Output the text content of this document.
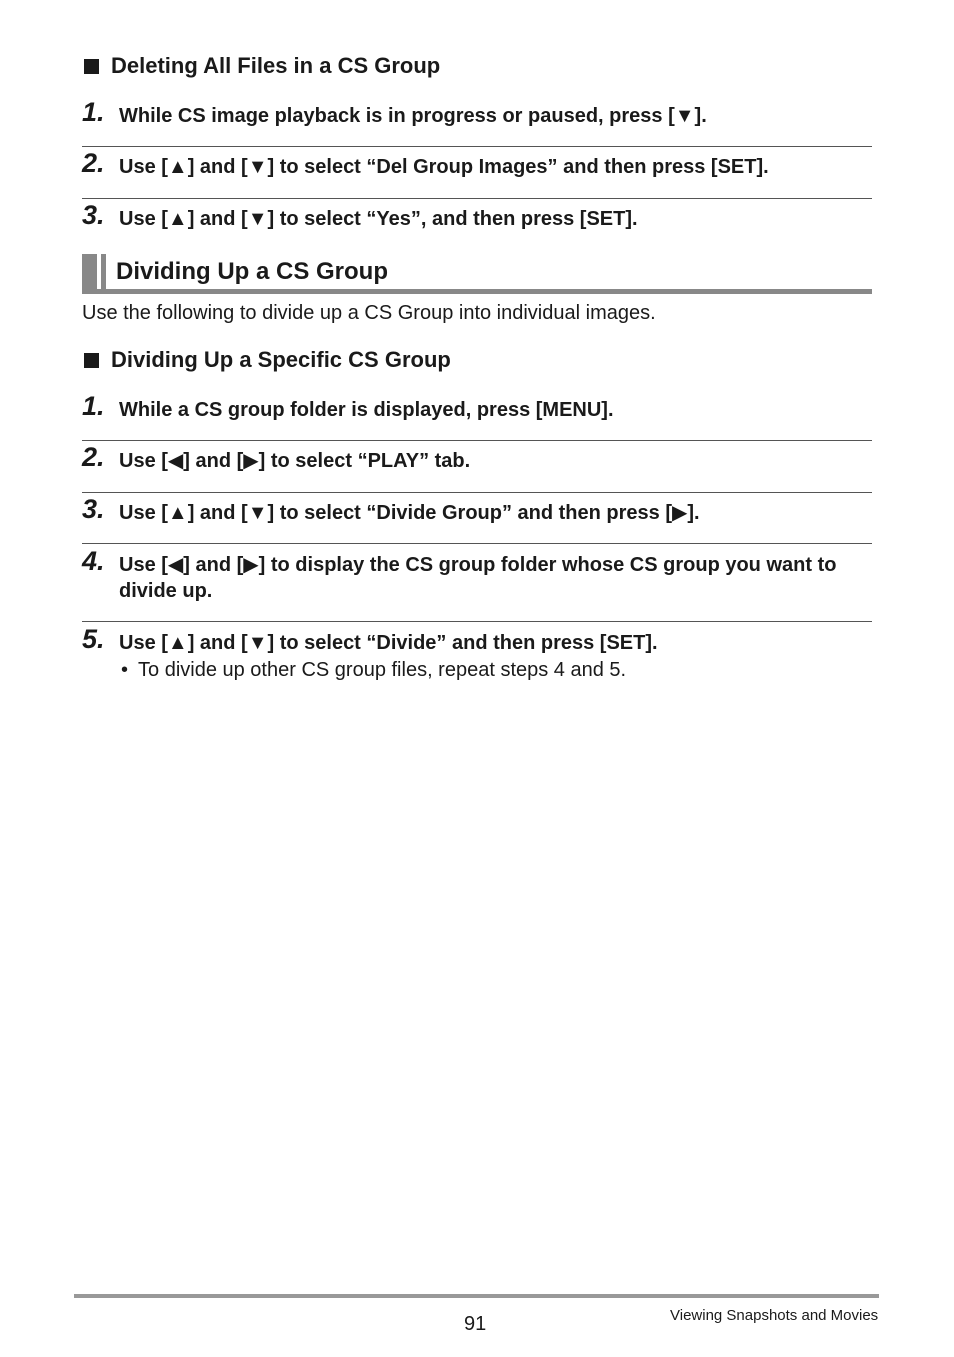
Deleting All Files in a CS Group
1. While CS image playback is in progress or paused, press [▼].
2. Use [▲] and [▼] to select “Del Group Images” and then press [SET].
3. Use [▲] and [▼] to select “Yes”, and then press [SET].
Dividing Up a CS Group
Use the following to divide up a CS Group into individual images.
Dividing Up a Specific CS Group
1. While a CS group folder is displayed, press [MENU].
2. Use [◀] and [▶] to select “PLAY” tab.
3. Use [▲] and [▼] to select “Divide Group” and then press [▶].
4. Use [◀] and [▶] to display the CS group folder whose CS group you want to divide up.
5. Use [▲] and [▼] to select “Divide” and then press [SET].
• To divide up other CS group files, repeat steps 4 and 5.
91	Viewing Snapshots and Movies
